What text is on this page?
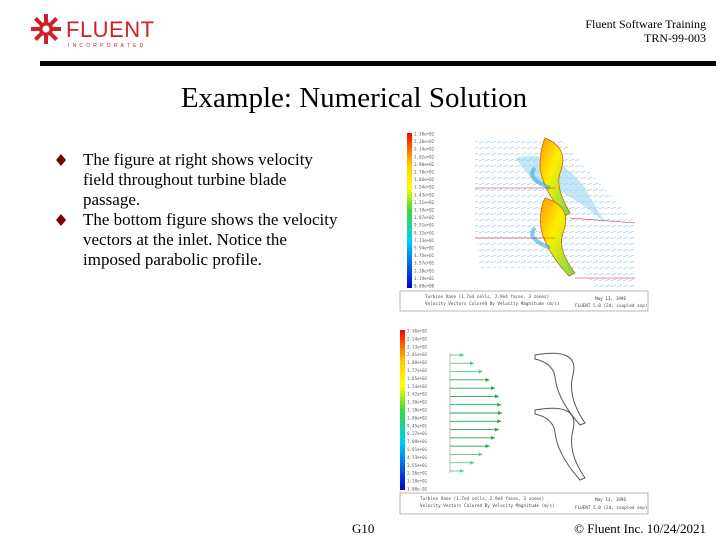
FLUENT
INCORPORATED
Fluent Software Training
TRN-99-003
Example: Numerical Solution
The figure at right shows velocity field throughout turbine blade passage.
The bottom figure shows the velocity vectors at the inlet. Notice the imposed parabolic profile.
2.38e+02
2.26e+02
2.14e+02
2.02e+02
1.90e+02
1.78e+02
1.66e+02
1.54e+02
1.43e+02
1.31e+02
1.19e+02
1.07e+02
9.51e+01
8.32e+01
7.13e+01
5.94e+01
4.75e+01
3.57e+01
2.38e+01
1.19e+01
0.00e+00
Turbine Vane (1.7e4 cells, 2.9e4 faces, 3 zones)
Velocity Vectors Colored By Velocity Magnitude (m/s)
May 13, 1996
FLUENT 5.0 (2d, coupled exp)
2.36e+02
2.24e+02
2.13e+02
2.01e+02
1.89e+02
1.77e+02
1.65e+02
1.54e+02
1.42e+02
1.30e+02
1.18e+02
1.06e+02
9.45e+01
8.27e+01
7.09e+01
5.91e+01
4.73e+01
3.55e+01
2.36e+01
1.18e+01
1.00e-02
Turbine Vane (1.7e4 cells, 2.9e4 faces, 3 zones)
Velocity Vectors Colored By Velocity Magnitude (m/s)
May 13, 1996
FLUENT 5.0 (2d, coupled exp)
G10	© Fluent Inc. 10/24/2021
